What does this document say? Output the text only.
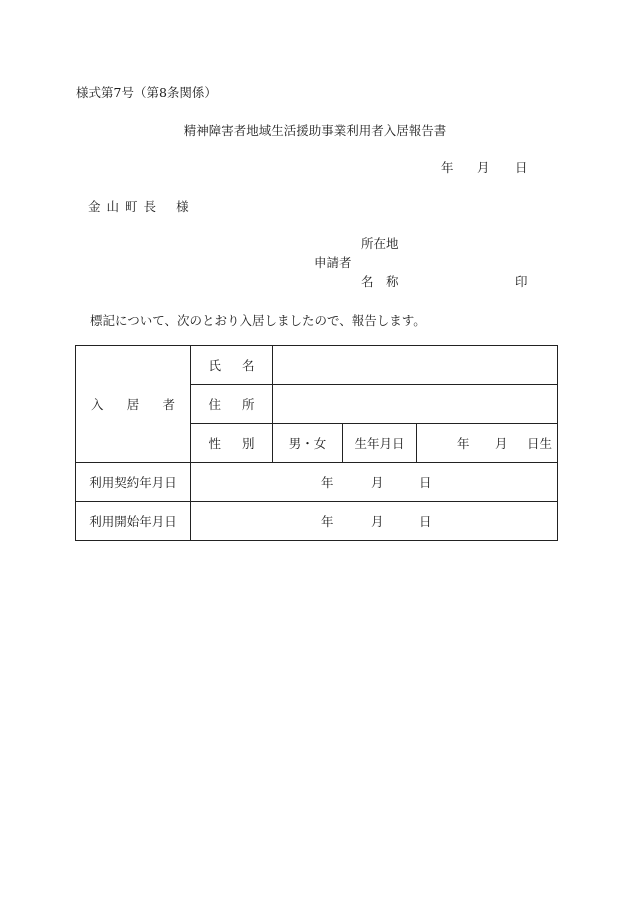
様式第7号（第8条関係）
精神障害者地域生活援助事業利用者入居報告書
年 月 日
金 山 町 長 様
所在地
申請者
名　称	印
標記について、次のとおり入居しましたので、報告します。
入 居 者	氏 名			

	住 所			

	性 別	男・女	生年月日	年 月 日生
利用契約年月日	年 月 日			
利用開始年月日	年 月 日			
